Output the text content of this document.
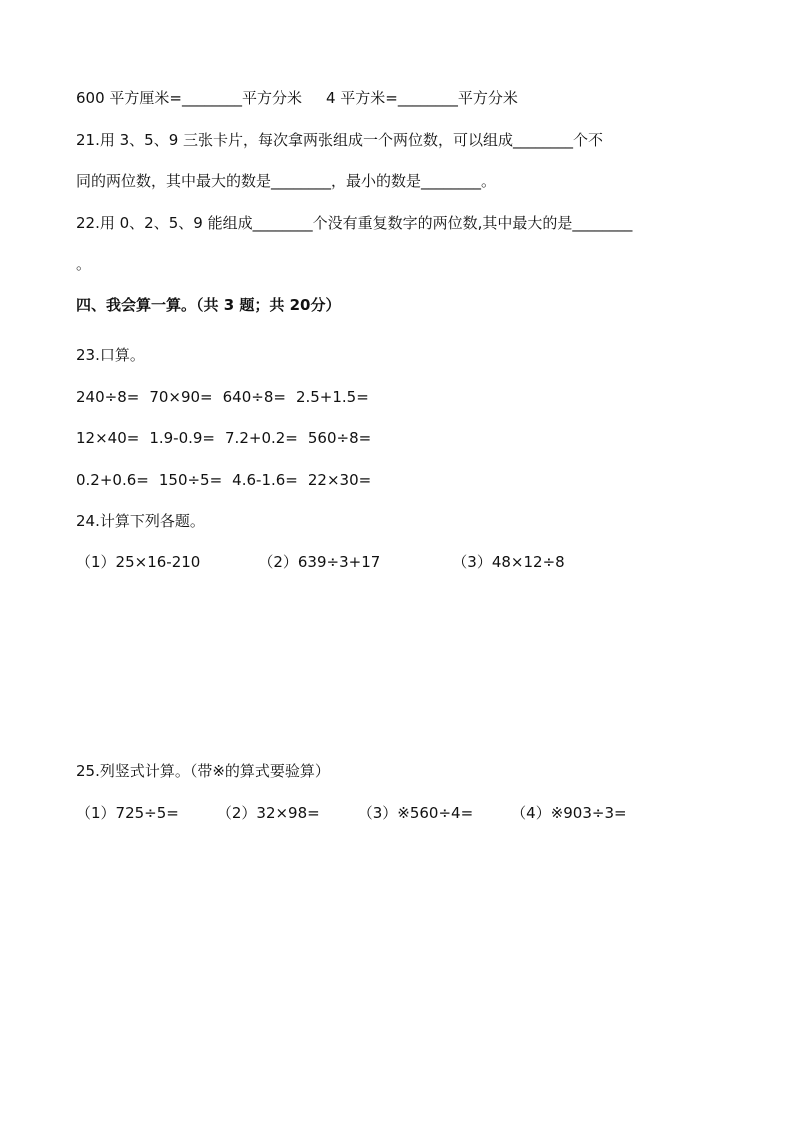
600 平方厘米=________平方分米 4 平方米=________平方分米
21.用 3、5、9 三张卡片，每次拿两张组成一个两位数，可以组成________个不
同的两位数，其中最大的数是________，最小的数是________。
22.用 0、2、5、9 能组成________个没有重复数字的两位数,其中最大的是________
。
四、我会算一算。（共 3 题；共 20分）
23.口算。
240÷8= 70×90= 640÷8= 2.5+1.5=
12×40= 1.9-0.9= 7.2+0.2= 560÷8=
0.2+0.6= 150÷5= 4.6-1.6= 22×30=
24.计算下列各题。
（1）25×16-210	（2）639÷3+17	（3）48×12÷8
25.列竖式计算。（带※的算式要验算）
（1）725÷5=	（2）32×98=	（3）※560÷4=	（4）※903÷3=
